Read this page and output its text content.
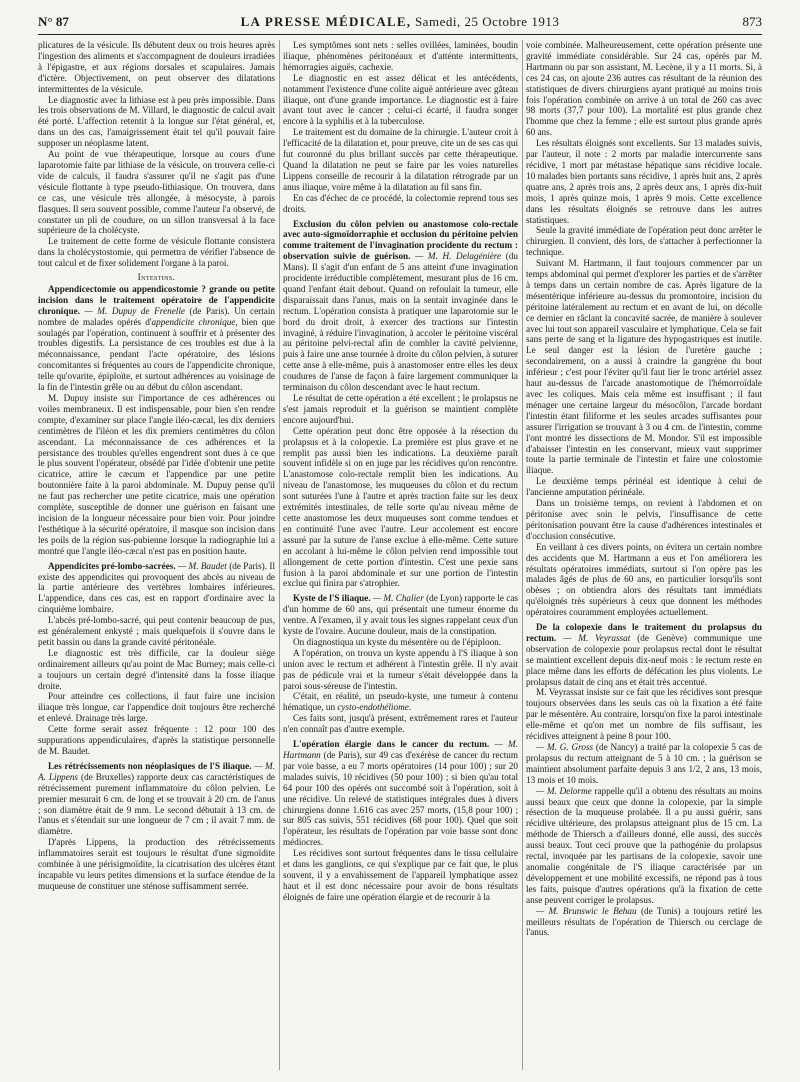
N° 87	LA PRESSE MÉDICALE, Samedi, 25 Octobre 1913	873

plicatures de la vésicule. Ils débutent deux ou trois heures après l'ingestion des aliments et s'accompagnent de douleurs irradiées à l'épigastre, et aux régions dorsales et scapulaires. Jamais d'ictère. Objectivement, on peut observer des dilatations intermittentes de la vésicule.

Le diagnostic avec la lithiase est à peu près impossible. Dans les trois observations de M. Villard, le diagnostic de calcul avait été porté. L'affection retentit à la longue sur l'état général, et, dans un des cas, l'amaigrissement était tel qu'il pouvait faire supposer un néoplasme latent.

Au point de vue thérapeutique, lorsque au cours d'une laparotomie faite par lithiase de la vésicule, on trouvera celle-ci vide de calculs, il faudra s'assurer qu'il ne s'agit pas d'une vésicule flottante à type pseudo-lithiasique. On trouvera, dans ce cas, une vésicule très allongée, à mésocyste, à parois flasques. Il sera souvent possible, comme l'auteur l'a observé, de constater un pli de coudure, ou un sillon transversal à la face supérieure de la cholécyste.

Le traitement de cette forme de vésicule flottante consistera dans la cholécystostomie, qui permettra de vérifier l'absence de tout calcul et de fixer solidement l'organe à la paroi.

Intestins.

Appendicectomie ou appendicostomie ? grande ou petite incision dans le traitement opératoire de l'appendicite chronique. — M. Dupuy de Frenelle (de Paris). Un certain nombre de malades opérés d'appendicite chronique, bien que soulagés par l'opération, continuent à souffrir et à présenter des troubles digestifs. La persistance de ces troubles est due à la méconnaissance, pendant l'acte opératoire, des lésions concomitantes si fréquentes au cours de l'appendicite chronique, telle qu'ovarite, épiploïte, et surtout adhérences au voisinage de la fin de l'intestin grêle ou au début du côlon ascendant.

M. Dupuy insiste sur l'importance de ces adhérences ou voiles membraneux. Il est indispensable, pour bien s'en rendre compte, d'examiner sur place l'angle iléo-cæcal, les dix derniers centimètres de l'iléon et les dix premiers centimètres du côlon ascendant. La méconnaissance de ces adhérences et la persistance des troubles qu'elles engendrent sont dues à ce que le plus souvent l'opérateur, obsédé par l'idée d'obtenir une petite cicatrice, attire le cæcum et l'appendice par une petite boutonnière faite à la paroi abdominale. M. Dupuy pense qu'il ne faut pas rechercher une petite cicatrice, mais une opération complète, susceptible de donner une guérison en faisant une incision de la longueur nécessaire pour bien voir. Pour joindre l'esthétique à la sécurité opératoire, il masque son incision dans les poils de la région sus-pubienne lorsque la radiographie lui a montré que l'angle iléo-cæcal n'est pas en position haute.

Appendicites pré-lombo-sacrées. — M. Baudet (de Paris). Il existe des appendicites qui provoquent des abcès au niveau de la partie antérieure des vertèbres lombaires inférieures. L'appendice, dans ces cas, est en rapport d'ordinaire avec la cinquième lombaire.

L'abcès pré-lombo-sacré, qui peut contenir beaucoup de pus, est généralement enkysté ; mais quelquefois il s'ouvre dans le petit bassin ou dans la grande cavité péritonéale.

Le diagnostic est très difficile, car la douleur siège ordinairement ailleurs qu'au point de Mac Burney; mais celle-ci a toujours un certain degré d'intensité dans la fosse iliaque droite.

Pour atteindre ces collections, il faut faire une incision iliaque très longue, car l'appendice doit toujours être recherché et enlevé. Drainage très large.

Cette forme serait assez fréquente : 12 pour 100 des suppurations appendiculaires, d'après la statistique personnelle de M. Baudet.

Les rétrécissements non néoplasiques de l'S iliaque. — M. A. Lippens (de Bruxelles) rapporte deux cas caractéristiques de rétrécissement purement inflammatoire du côlon pelvien. Le premier mesurait 6 cm. de long et se trouvait à 20 cm. de l'anus ; son diamètre était de 9 mm. Le second débutait à 13 cm. de l'anus et s'étendait sur une longueur de 7 cm ; il avait 7 mm. de diamètre.

D'après Lippens, la production des rétrécissements inflammatoires serait est toujours le résultat d'une sigmoïdite combinée à une périsigmoïdite, la cicatrisation des ulcères étant incapable vu leurs petites dimensions et la surface étendue de la muqueuse de constituer une sténose suffisamment serrée.

Les symptômes sont nets : selles ovillées, laminées, boudin iliaque, phénomènes péritonéaux et d'atténte intermittents, hémorragies aiguës, cachexie.

Le diagnostic en est assez délicat et les antécédents, notamment l'existence d'une colite aiguë antérieure avec gâteau iliaque, ont d'une grande importance. Le diagnostic est à faire avant tout avec le cancer ; celui-ci écarté, il faudra songer encore à la syphilis et à la tuberculose.

Le traitement est du domaine de la chirurgie. L'auteur croit à l'efficacité de la dilatation et, pour preuve, cite un de ses cas qui fut couronné du plus brillant succès par cette thérapeutique. Quand la dilatation ne peut se faire par les voies naturelles Lippens conseille de recourir à la dilatation rétrograde par un anus iliaque, voire même à la dilatation au fil sans fin.

En cas d'échec de ce procédé, la colectomie reprend tous ses droits.

Exclusion du côlon pelvien ou anastomose colo-rectale avec auto-sigmoïdorraphie et occlusion du péritoine pelvien comme traitement de l'invagination procidente du rectum : observation suivie de guérison. — M. H. Delagénière (du Mans). Il s'agit d'un enfant de 5 ans atteint d'une invagination procidente irréductible complètement, mesurant plus de 16 cm. quand l'enfant était debout. Quand on refoulait la tumeur, elle disparaissait dans l'anus, mais on la sentait invaginée dans le rectum. L'opération consista à pratiquer une laparotomie sur le bord du droit droit, à exercer des tractions sur l'intestin invaginé, à réduire l'invagination, à accoler le péritoine viscéral au péritoine pelvi-rectal afin de combler la cavité pelvienne, puis à faire une anse tournée à droite du côlon pelvien, à suturer cette anse à elle-même, puis à anastomoser entre elles les deux coudures de l'anse de façon à faire largement communiquer la terminaison du côlon descendant avec le haut rectum.

Le résultat de cette opération a été excellent ; le prolapsus ne s'est jamais reproduit et la guérison se maintient complète encore aujourd'hui.

Cette opération peut donc être opposée à la résection du prolapsus et à la colopexie. La première est plus grave et ne remplit pas aussi bien les indications. La deuxième paraît souvent infidèle si on en juge par les récidives qu'on rencontre. L'anastomose colo-rectale remplit bien les indications. Au niveau de l'anastomose, les muqueuses du côlon et du rectum sont suturées l'une à l'autre et après traction faite sur les deux extrémités intestinales, de telle sorte qu'au niveau même de cette anastomose les deux muqueuses sont comme tendues et en continuité l'une avec l'autre. Leur accolement est encore assuré par la suture de l'anse exclue à elle-même. Cette suture en accolant à lui-même le côlon pelvien rend impossible tout allongement de cette portion d'intestin. C'est une pexie sans fusion à la paroi abdominale et sur une portion de l'intestin exclue qui finira par s'atrophier.

Kyste de l'S iliaque. — M. Chalier (de Lyon) rapporte le cas d'un homme de 60 ans, qui présentait une tumeur énorme du ventre. A l'examen, il y avait tous les signes rappelant ceux d'un kyste de l'ovaire. Aucune douleur, mais de la constipation.

On diagnostiqua un kyste du mésentère ou de l'épiploon.

A l'opération, on trouva un kyste appendu à l'S iliaque à son union avec le rectum et adhérent à l'intestin grêle. Il n'y avait pas de pédicule vrai et la tumeur s'était développée dans la paroi sous-séreuse de l'intestin.

C'était, en réalité, un pseudo-kyste, une tumeur à contenu hématique, un cysto-endothéliome.

Ces faits sont, jusqu'à présent, extrêmement rares et l'auteur n'en connaît pas d'autre exemple.

L'opération élargie dans le cancer du rectum. — M. Hartmann (de Paris), sur 49 cas d'exérèse de cancer du rectum par voie basse, a eu 7 morts opératoires (14 pour 100) ; sur 20 malades suivis, 10 récidives (50 pour 100) ; si bien qu'au total 64 pour 100 des opérés ont succombé soit à l'opération, soit à une récidive. Un relevé de statistiques intégrales dues à divers chirurgiens donne 1.616 cas avec 257 morts, (15,8 pour 100) ; sur 805 cas suivis, 551 récidives (68 pour 100). Quel que soit l'opérateur, les résultats de l'opération par voie basse sont donc médiocres.

Les récidives sont surtout fréquentes dans le tissu cellulaire et dans les ganglions, ce qui s'explique par ce fait que, le plus souvent, il y a envahissement de l'appareil lymphatique assez haut et il est donc nécessaire pour avoir de bons résultats éloignés de faire une opération élargie et de recourir à la

voie combinée. Malheureusement, cette opération présente une gravité immédiate considérable. Sur 24 cas, opérés par M. Hartmann ou par son assistant, M. Lecène, il y a 11 morts. Si, à ces 24 cas, on ajoute 236 autres cas résultant de la réunion des statistiques de divers chirurgiens ayant pratiqué au moins trois fois l'opération combinée on arrive à un total de 260 cas avec 98 morts (37,7 pour 100). La mortalité est plus grande chez l'homme que chez la femme ; elle est surtout plus grande après 60 ans.

Les résultats éloignés sont excellents. Sur 13 malades suivis, par l'auteur, il note : 2 morts par maladie intercurrente sans récidive, 1 mort par métastase hépatique sans récidive locale. 10 malades bien portants sans récidive, 1 après huit ans, 2 après quatre ans, 2 après trois ans, 2 après deux ans, 1 après dix-huit mois, 1 après quinze mois, 1 après 9 mois. Cette excellence dans les résultats éloignés se retrouve dans les autres statistiques.

Seule la gravité immédiate de l'opération peut donc arrêter le chirurgien. Il convient, dès lors, de s'attacher à perfectionner la technique.

Suivant M. Hartmann, il faut toujours commencer par un temps abdominal qui permet d'explorer les parties et de s'arrêter à temps dans un certain nombre de cas. Après ligature de la mésentérique inférieure au-dessus du promontoire, incision du péritoine latéralement au rectum et en avant de lui, on décolle ce dernier en râclant la concavité sacrée, de manière à soulever avec lui tout son appareil vasculaire et lymphatique. Cela se fait sans perte de sang et la ligature des hypogastriques est inutile. Le seul danger est la lésion de l'uretère gauche ; secondairement, on a aussi à craindre la gangrène du bout inférieur ; c'est pour l'éviter qu'il faut lier le tronc artériel assez haut au-dessus de l'arcade anastomotique de l'hémorroïdale avec les coliques. Mais cela même est insuffisant ; il faut ménager une certaine largeur du mésocôlon, l'arcade bordant l'intestin étant filiforme et les seules arcades suffisantes pour assurer l'irrigation se trouvant à 3 ou 4 cm. de l'intestin, comme l'ont montré les dissections de M. Mondor. S'il est impossible d'abaisser l'intestin en les conservant, mieux vaut supprimer toute la partie terminale de l'intestin et faire une colostomie iliaque.

Le deuxième temps périnéal est identique à celui de l'ancienne amputation périnéale.

Dans un troisième temps, on revient à l'abdomen et on péritonise avec soin le pelvis, l'insuffisance de cette péritonisation pouvant être la cause d'adhérences intestinales et d'occlusion consécutive.

En veillant à ces divers points, on évitera un certain nombre des accidents que M. Hartmann a eus et l'on améliorera les résultats opératoires immédiats, surtout si l'on opère pas les malades âgés de plus de 60 ans, en particulier lorsqu'ils sont obèses ; on obtiendra alors des résultats tant immédiats qu'éloignés très supérieurs à ceux que donnent les méthodes opératoires couramment employées actuellement.

De la colopexie dans le traitement du prolapsus du rectum. — M. Veyrassat (de Genève) communique une observation de colopexie pour prolapsus rectal dont le résultat se maintient excellent depuis dix-neuf mois : le rectum reste en place même dans les efforts de défécation les plus violents. Le prolapsus datait de cinq ans et était très accentué.

M. Veyrassat insiste sur ce fait que les récidives sont presque toujours observées dans les seuls cas où la fixation a été faite par le mésentère. Au contraire, lorsqu'on fixe la paroi intestinale elle-même et qu'on met un nombre de fils suffisant, les récidives atteignent à peine 8 pour 100.

— M. G. Gross (de Nancy) a traité par la colopexie 5 cas de prolapsus du rectum atteignant de 5 à 10 cm. ; la guérison se maintient absolument parfaite depuis 3 ans 1/2, 2 ans, 13 mois, 13 mois et 10 mois.

— M. Delorme rappelle qu'il a obtenu des résultats au moins aussi beaux que ceux que donne la colopexie, par la simple résection de la muqueuse prolabée. Il a pu aussi guérir, sans récidive ultérieure, des prolapsus atteignant plus de 15 cm. La méthode de Thiersch a d'ailleurs donné, elle aussi, des succès aussi beaux. Tout ceci prouve que la pathogénie du prolapsus rectal, invoquée par les partisans de la colopexie, savoir une anomalie congénitale de l'S iliaque caractérisée par un développement et une mobilité excessifs, ne répond pas à tous les faits, puisque d'autres opérations qu'à la fixation de cette anse peuvent corriger le prolapsus.

— M. Brunswic le Behau (de Tunis) a toujours retiré les meilleurs résultats de l'opération de Thiersch ou cerclage de l'anus.
